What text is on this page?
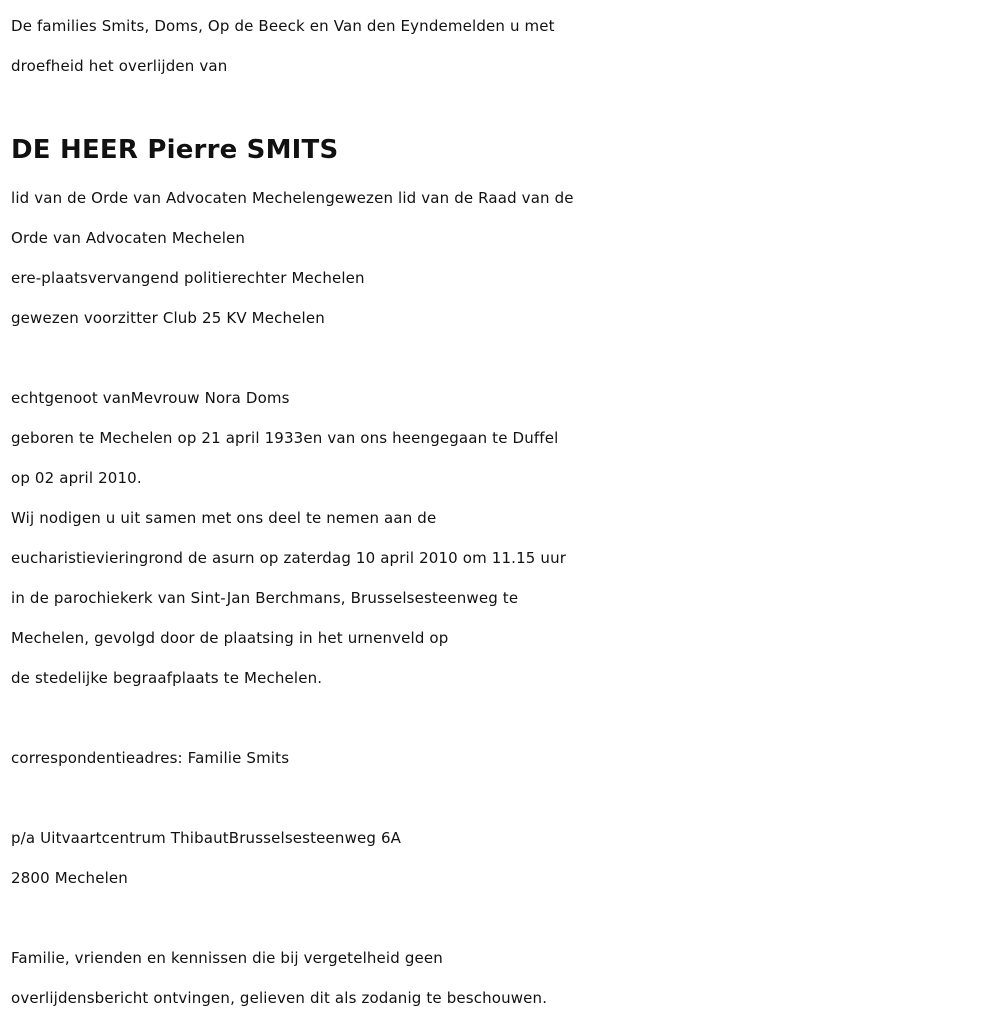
De families Smits, Doms, Op de Beeck en Van den Eyndemelden u met
droefheid het overlijden van
DE HEER Pierre SMITS
lid van de Orde van Advocaten Mechelengewezen lid van de Raad van de
Orde van Advocaten Mechelen
ere-plaatsvervangend politierechter Mechelen
gewezen voorzitter Club 25 KV Mechelen
echtgenoot vanMevrouw Nora Doms
geboren te Mechelen op 21 april 1933en van ons heengegaan te Duffel
op 02 april 2010.
Wij nodigen u uit samen met ons deel te nemen aan de
eucharistievieringrond de asurn op zaterdag 10 april 2010 om 11.15 uur
in de parochiekerk van Sint-Jan Berchmans, Brusselsesteenweg te
Mechelen, gevolgd door de plaatsing in het urnenveld op
de stedelijke begraafplaats te Mechelen.
correspondentieadres: Familie Smits
p/a Uitvaartcentrum ThibautBrusselsesteenweg 6A
2800 Mechelen
Familie, vrienden en kennissen die bij vergetelheid geen
overlijdensbericht ontvingen, gelieven dit als zodanig te beschouwen.
